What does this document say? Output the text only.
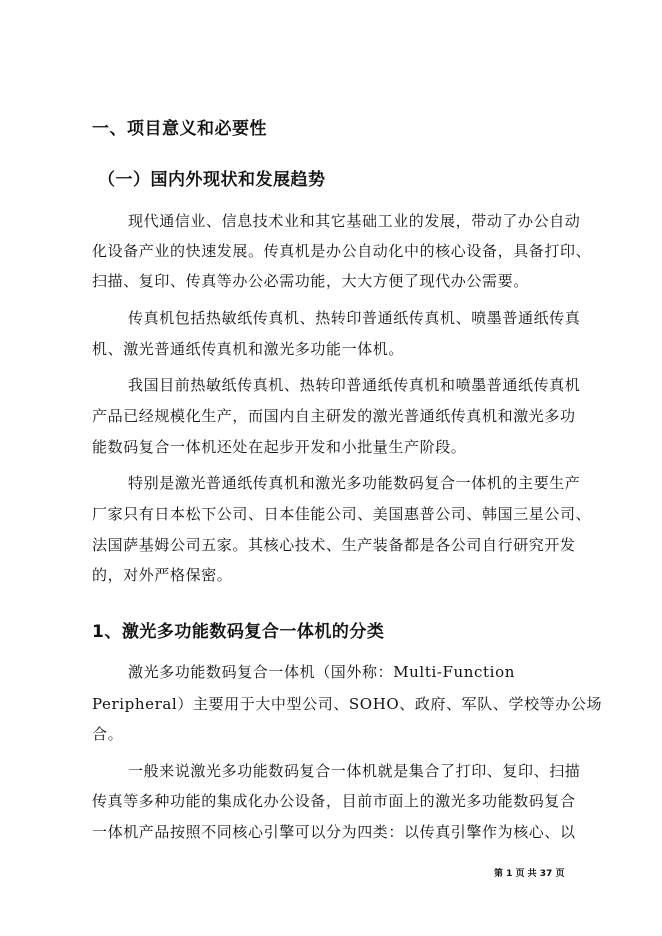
一、项目意义和必要性
（一）国内外现状和发展趋势
现代通信业、信息技术业和其它基础工业的发展，带动了办公自动
化设备产业的快速发展。传真机是办公自动化中的核心设备，具备打印、
扫描、复印、传真等办公必需功能，大大方便了现代办公需要。
传真机包括热敏纸传真机、热转印普通纸传真机、喷墨普通纸传真
机、激光普通纸传真机和激光多功能一体机。
我国目前热敏纸传真机、热转印普通纸传真机和喷墨普通纸传真机
产品已经规模化生产，而国内自主研发的激光普通纸传真机和激光多功
能数码复合一体机还处在起步开发和小批量生产阶段。
特别是激光普通纸传真机和激光多功能数码复合一体机的主要生产
厂家只有日本松下公司、日本佳能公司、美国惠普公司、韩国三星公司、
法国萨基姆公司五家。其核心技术、生产装备都是各公司自行研究开发
的，对外严格保密。
1、激光多功能数码复合一体机的分类
激光多功能数码复合一体机（国外称：Multi-Function
Peripheral）主要用于大中型公司、SOHO、政府、军队、学校等办公场
合。
一般来说激光多功能数码复合一体机就是集合了打印、复印、扫描
传真等多种功能的集成化办公设备，目前市面上的激光多功能数码复合
一体机产品按照不同核心引擎可以分为四类：以传真引擎作为核心、以
第 1 页 共 37 页
